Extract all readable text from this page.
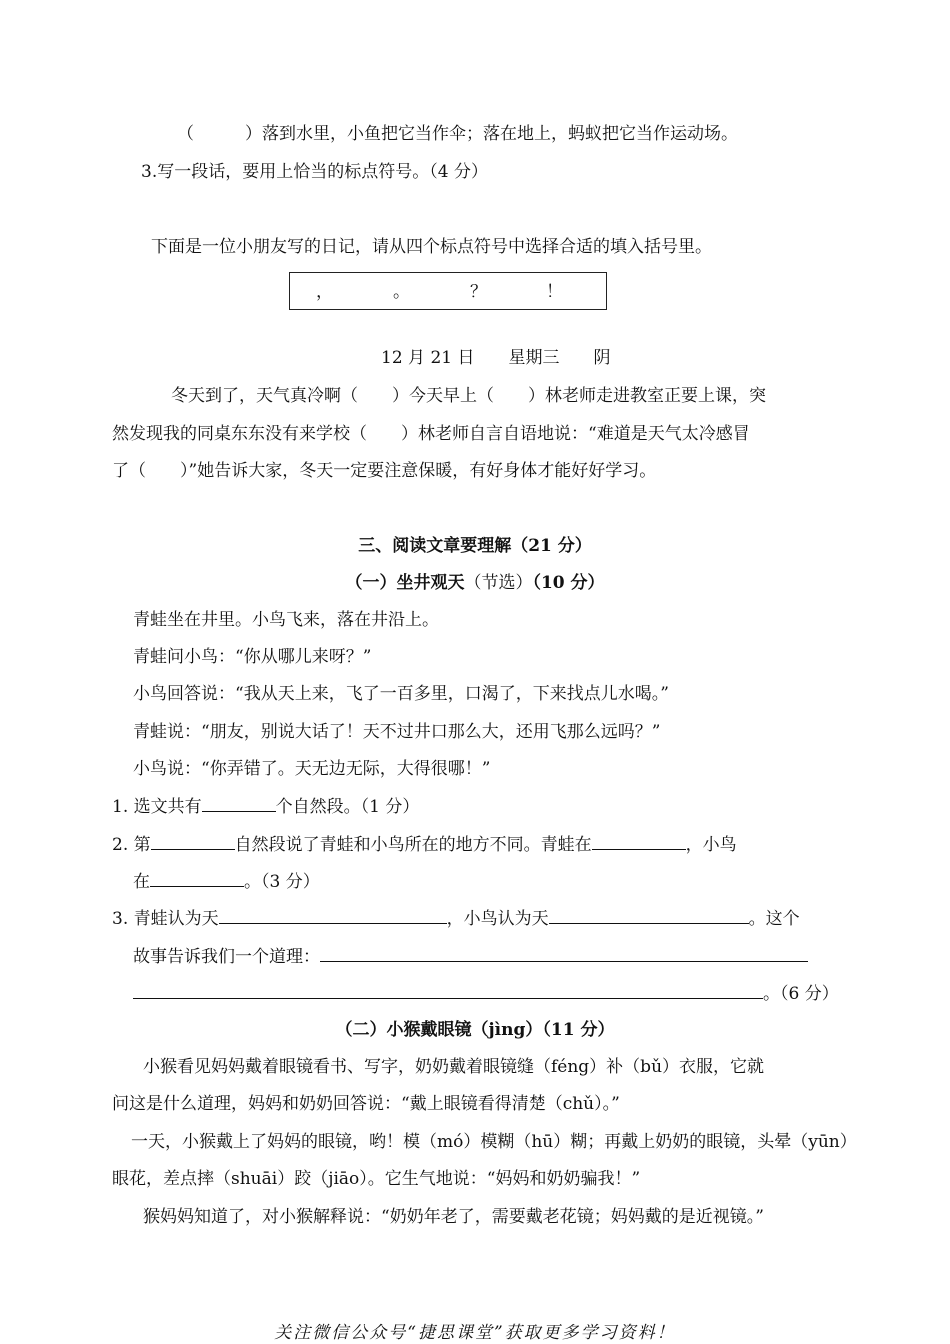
（　　　）落到水里，小鱼把它当作伞；落在地上，蚂蚁把它当作运动场。
3.写一段话，要用上恰当的标点符号。（4 分）
下面是一位小朋友写的日记，请从四个标点符号中选择合适的填入括号里。
，	。	？	！
12 月 21 日　　星期三　　阴
冬天到了，天气真冷啊（　　）今天早上（　　）林老师走进教室正要上课，突
然发现我的同桌东东没有来学校（　　）林老师自言自语地说：“难道是天气太冷感冒
了（　　）”她告诉大家，冬天一定要注意保暖，有好身体才能好好学习。
三、阅读文章要理解（21 分）
（一）坐井观天（节选）（10 分）
青蛙坐在井里。小鸟飞来，落在井沿上。
青蛙问小鸟：“你从哪儿来呀？”
小鸟回答说：“我从天上来，飞了一百多里，口渴了，下来找点儿水喝。”
青蛙说：“朋友，别说大话了！天不过井口那么大，还用飞那么远吗？”
小鸟说：“你弄错了。天无边无际，大得很哪！”
1. 选文共有	个自然段。（1 分）
2. 第	自然段说了青蛙和小鸟所在的地方不同。青蛙在	，小鸟
在	。（3 分）
3. 青蛙认为天	，小鸟认为天	。这个
故事告诉我们一个道理：
。（6 分）
（二）小猴戴眼镜（jìng）（11 分）
小猴看见妈妈戴着眼镜看书、写字，奶奶戴着眼镜缝（féng）补（bǔ）衣服，它就
问这是什么道理，妈妈和奶奶回答说：“戴上眼镜看得清楚（chǔ）。”
一天，小猴戴上了妈妈的眼镜，哟！模（mó）模糊（hū）糊；再戴上奶奶的眼镜，头晕（yūn）
眼花，差点摔（shuāi）跤（jiāo）。它生气地说：“妈妈和奶奶骗我！”
猴妈妈知道了，对小猴解释说：“奶奶年老了，需要戴老花镜；妈妈戴的是近视镜。”
关注微信公众号“捷思课堂”获取更多学习资料！
